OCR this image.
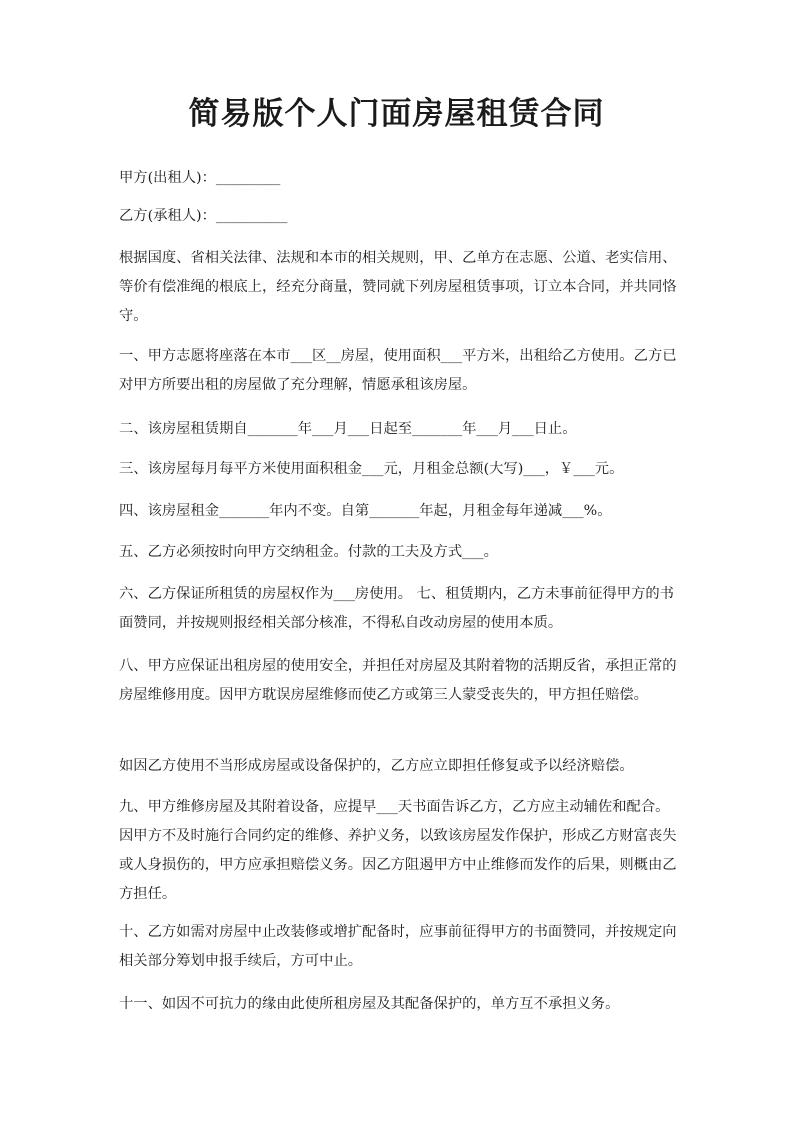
简易版个人门面房屋租赁合同

甲方(出租人)：_________

乙方(承租人)：__________

根据国度、省相关法律、法规和本市的相关规则，甲、乙单方在志愿、公道、老实信用、等价有偿准绳的根底上，经充分商量，赞同就下列房屋租赁事项，订立本合同，并共同恪守。

一、甲方志愿将座落在本市___区__房屋，使用面积___平方米，出租给乙方使用。乙方已对甲方所要出租的房屋做了充分理解，情愿承租该房屋。

二、该房屋租赁期自_______年___月___日起至_______年___月___日止。

三、该房屋每月每平方米使用面积租金___元，月租金总额(大写)___，￥___元。

四、该房屋租金_______年内不变。自第_______年起，月租金每年递减___%。

五、乙方必须按时向甲方交纳租金。付款的工夫及方式___。

六、乙方保证所租赁的房屋权作为___房使用。 七、租赁期内，乙方未事前征得甲方的书面赞同，并按规则报经相关部分核准，不得私自改动房屋的使用本质。

八、甲方应保证出租房屋的使用安全，并担任对房屋及其附着物的活期反省，承担正常的房屋维修用度。因甲方耽误房屋维修而使乙方或第三人蒙受丧失的，甲方担任赔偿。

如因乙方使用不当形成房屋或设备保护的，乙方应立即担任修复或予以经济赔偿。

九、甲方维修房屋及其附着设备，应提早___天书面告诉乙方，乙方应主动辅佐和配合。因甲方不及时施行合同约定的维修、养护义务，以致该房屋发作保护，形成乙方财富丧失或人身损伤的，甲方应承担赔偿义务。因乙方阻遏甲方中止维修而发作的后果，则概由乙方担任。

十、乙方如需对房屋中止改装修或增扩配备时，应事前征得甲方的书面赞同，并按规定向相关部分筹划申报手续后，方可中止。

十一、如因不可抗力的缘由此使所租房屋及其配备保护的，单方互不承担义务。
